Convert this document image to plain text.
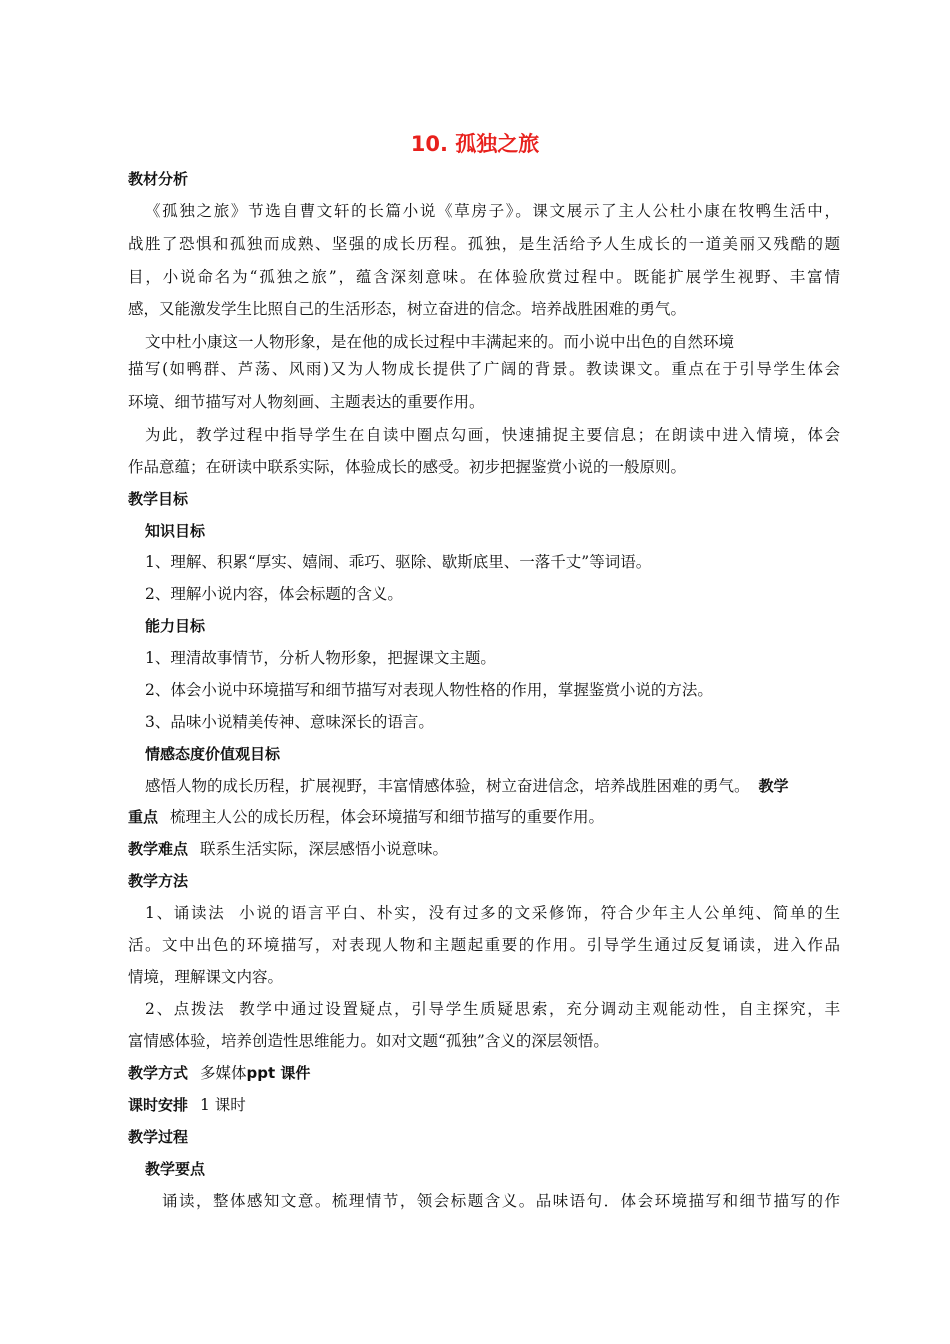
10. 孤独之旅
教材分析
《孤独之旅》节选自曹文轩的长篇小说《草房子》。课文展示了主人公杜小康在牧鸭生活中，
战胜了恐惧和孤独而成熟、坚强的成长历程。孤独，是生活给予人生成长的一道美丽又残酷的题
目，小说命名为“孤独之旅”，蕴含深刻意味。在体验欣赏过程中。既能扩展学生视野、丰富情
感，又能激发学生比照自己的生活形态，树立奋进的信念。培养战胜困难的勇气。
文中杜小康这一人物形象，是在他的成长过程中丰满起来的。而小说中出色的自然环境
描写(如鸭群、芦荡、风雨)又为人物成长提供了广阔的背景。教读课文。重点在于引导学生体会
环境、细节描写对人物刻画、主题表达的重要作用。
为此，教学过程中指导学生在自读中圈点勾画，快速捕捉主要信息；在朗读中进入情境，体会
作品意蕴；在研读中联系实际，体验成长的感受。初步把握鉴赏小说的一般原则。
教学目标
知识目标
1、理解、积累“厚实、嬉闹、乖巧、驱除、歇斯底里、一落千丈”等词语。
2、理解小说内容，体会标题的含义。
能力目标
1、理清故事情节，分析人物形象，把握课文主题。
2、体会小说中环境描写和细节描写对表现人物性格的作用，掌握鉴赏小说的方法。
3、品味小说精美传神、意味深长的语言。
情感态度价值观目标
感悟人物的成长历程，扩展视野，丰富情感体验，树立奋进信念，培养战胜困难的勇气。 教学
重点 梳理主人公的成长历程，体会环境描写和细节描写的重要作用。
教学难点 联系生活实际，深层感悟小说意味。
教学方法
1、诵读法 小说的语言平白、朴实，没有过多的文采修饰，符合少年主人公单纯、简单的生
活。文中出色的环境描写，对表现人物和主题起重要的作用。引导学生通过反复诵读，进入作品
情境，理解课文内容。
2、点拨法 教学中通过设置疑点，引导学生质疑思索，充分调动主观能动性，自主探究，丰
富情感体验，培养创造性思维能力。如对文题“孤独”含义的深层领悟。
教学方式 多媒体ppt 课件
课时安排 1 课时
教学过程
教学要点
诵读，整体感知文意。梳理情节，领会标题含义。品味语句．体会环境描写和细节描写的作
